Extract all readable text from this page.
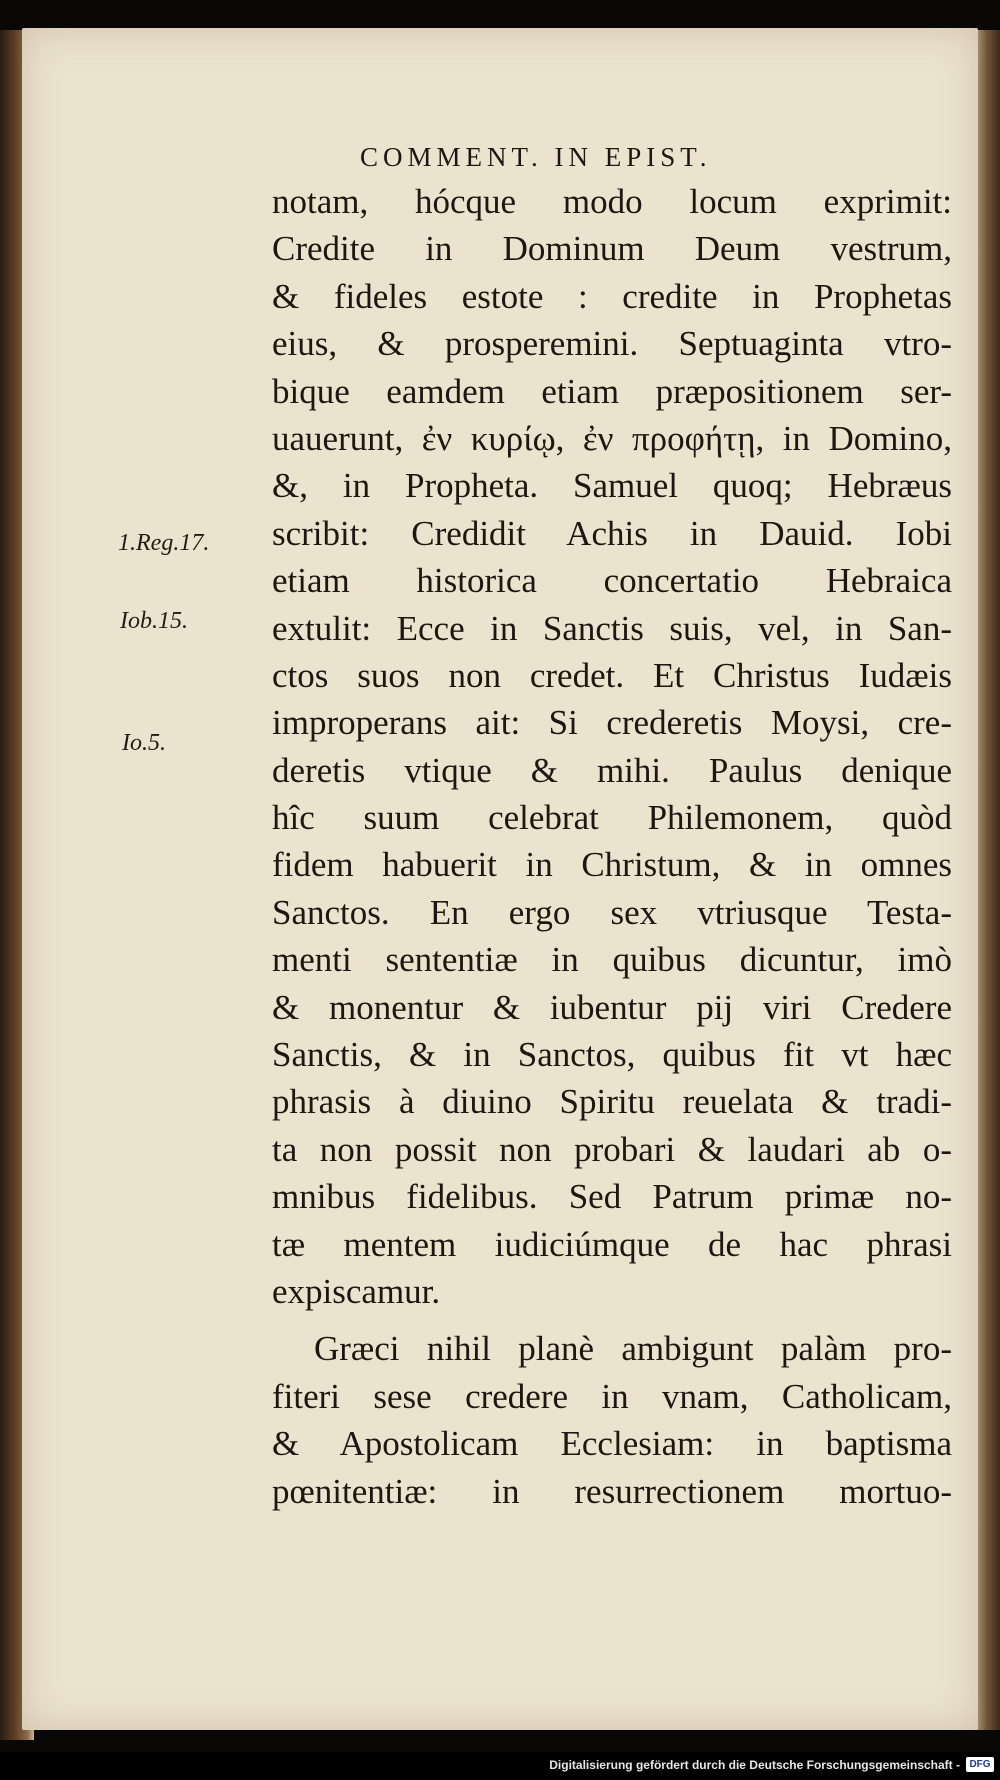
COMMENT. IN EPIST.
1.Reg.17.
Iob.15.
Io.5.
notam, hócque modo locum exprimit:
Credite in Dominum Deum vestrum,
& fideles estote : credite in Prophetas
eius, & prosperemini. Septuaginta vtro-
bique eamdem etiam præpositionem ser-
uauerunt, ἐν κυρίῳ, ἐν προφήτῃ, in Domino,
&, in Propheta. Samuel quoq; Hebræus
scribit: Credidit Achis in Dauid. Iobi
etiam historica concertatio Hebraica
extulit: Ecce in Sanctis suis, vel, in San-
ctos suos non credet. Et Christus Iudæis
improperans ait: Si crederetis Moysi, cre-
deretis vtique & mihi. Paulus denique
hîc suum celebrat Philemonem, quòd
fidem habuerit in Christum, & in omnes
Sanctos. En ergo sex vtriusque Testa-
menti sententiæ in quibus dicuntur, imò
& monentur & iubentur pij viri Credere
Sanctis, & in Sanctos, quibus fit vt hæc
phrasis à diuino Spiritu reuelata & tradi-
ta non possit non probari & laudari ab o-
mnibus fidelibus. Sed Patrum primæ no-
tæ mentem iudiciúmque de hac phrasi
expiscamur.
Græci nihil planè ambigunt palàm pro-
fiteri sese credere in vnam, Catholicam,
& Apostolicam Ecclesiam: in baptisma
pœnitentiæ: in resurrectionem mortuo-
Digitalisierung gefördert durch die Deutsche Forschungsgemeinschaft - DFG
